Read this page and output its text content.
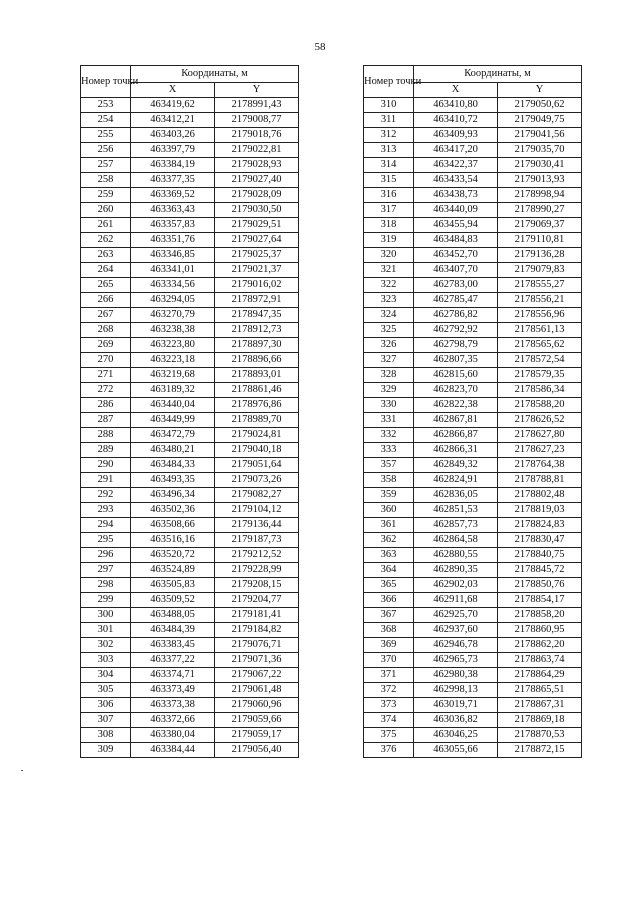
58
Номер точки	Координаты, м	
	X	Y
253	463419,62	2178991,43
254	463412,21	2179008,77
255	463403,26	2179018,76
256	463397,79	2179022,81
257	463384,19	2179028,93
258	463377,35	2179027,40
259	463369,52	2179028,09
260	463363,43	2179030,50
261	463357,83	2179029,51
262	463351,76	2179027,64
263	463346,85	2179025,37
264	463341,01	2179021,37
265	463334,56	2179016,02
266	463294,05	2178972,91
267	463270,79	2178947,35
268	463238,38	2178912,73
269	463223,80	2178897,30
270	463223,18	2178896,66
271	463219,68	2178893,01
272	463189,32	2178861,46
286	463440,04	2178976,86
287	463449,99	2178989,70
288	463472,79	2179024,81
289	463480,21	2179040,18
290	463484,33	2179051,64
291	463493,35	2179073,26
292	463496,34	2179082,27
293	463502,36	2179104,12
294	463508,66	2179136,44
295	463516,16	2179187,73
296	463520,72	2179212,52
297	463524,89	2179228,99
298	463505,83	2179208,15
299	463509,52	2179204,77
300	463488,05	2179181,41
301	463484,39	2179184,82
302	463383,45	2179076,71
303	463377,22	2179071,36
304	463374,71	2179067,22
305	463373,49	2179061,48
306	463373,38	2179060,96
307	463372,66	2179059,66
308	463380,04	2179059,17
309	463384,44	2179056,40
Номер точки	Координаты, м	
	X	Y
310	463410,80	2179050,62
311	463410,72	2179049,75
312	463409,93	2179041,56
313	463417,20	2179035,70
314	463422,37	2179030,41
315	463433,54	2179013,93
316	463438,73	2178998,94
317	463440,09	2178990,27
318	463455,94	2179069,37
319	463484,83	2179110,81
320	463452,70	2179136,28
321	463407,70	2179079,83
322	462783,00	2178555,27
323	462785,47	2178556,21
324	462786,82	2178556,96
325	462792,92	2178561,13
326	462798,79	2178565,62
327	462807,35	2178572,54
328	462815,60	2178579,35
329	462823,70	2178586,34
330	462822,38	2178588,20
331	462867,81	2178626,52
332	462866,87	2178627,80
333	462866,31	2178627,23
357	462849,32	2178764,38
358	462824,91	2178788,81
359	462836,05	2178802,48
360	462851,53	2178819,03
361	462857,73	2178824,83
362	462864,58	2178830,47
363	462880,55	2178840,75
364	462890,35	2178845,72
365	462902,03	2178850,76
366	462911,68	2178854,17
367	462925,70	2178858,20
368	462937,60	2178860,95
369	462946,78	2178862,20
370	462965,73	2178863,74
371	462980,38	2178864,29
372	462998,13	2178865,51
373	463019,71	2178867,31
374	463036,82	2178869,18
375	463046,25	2178870,53
376	463055,66	2178872,15
